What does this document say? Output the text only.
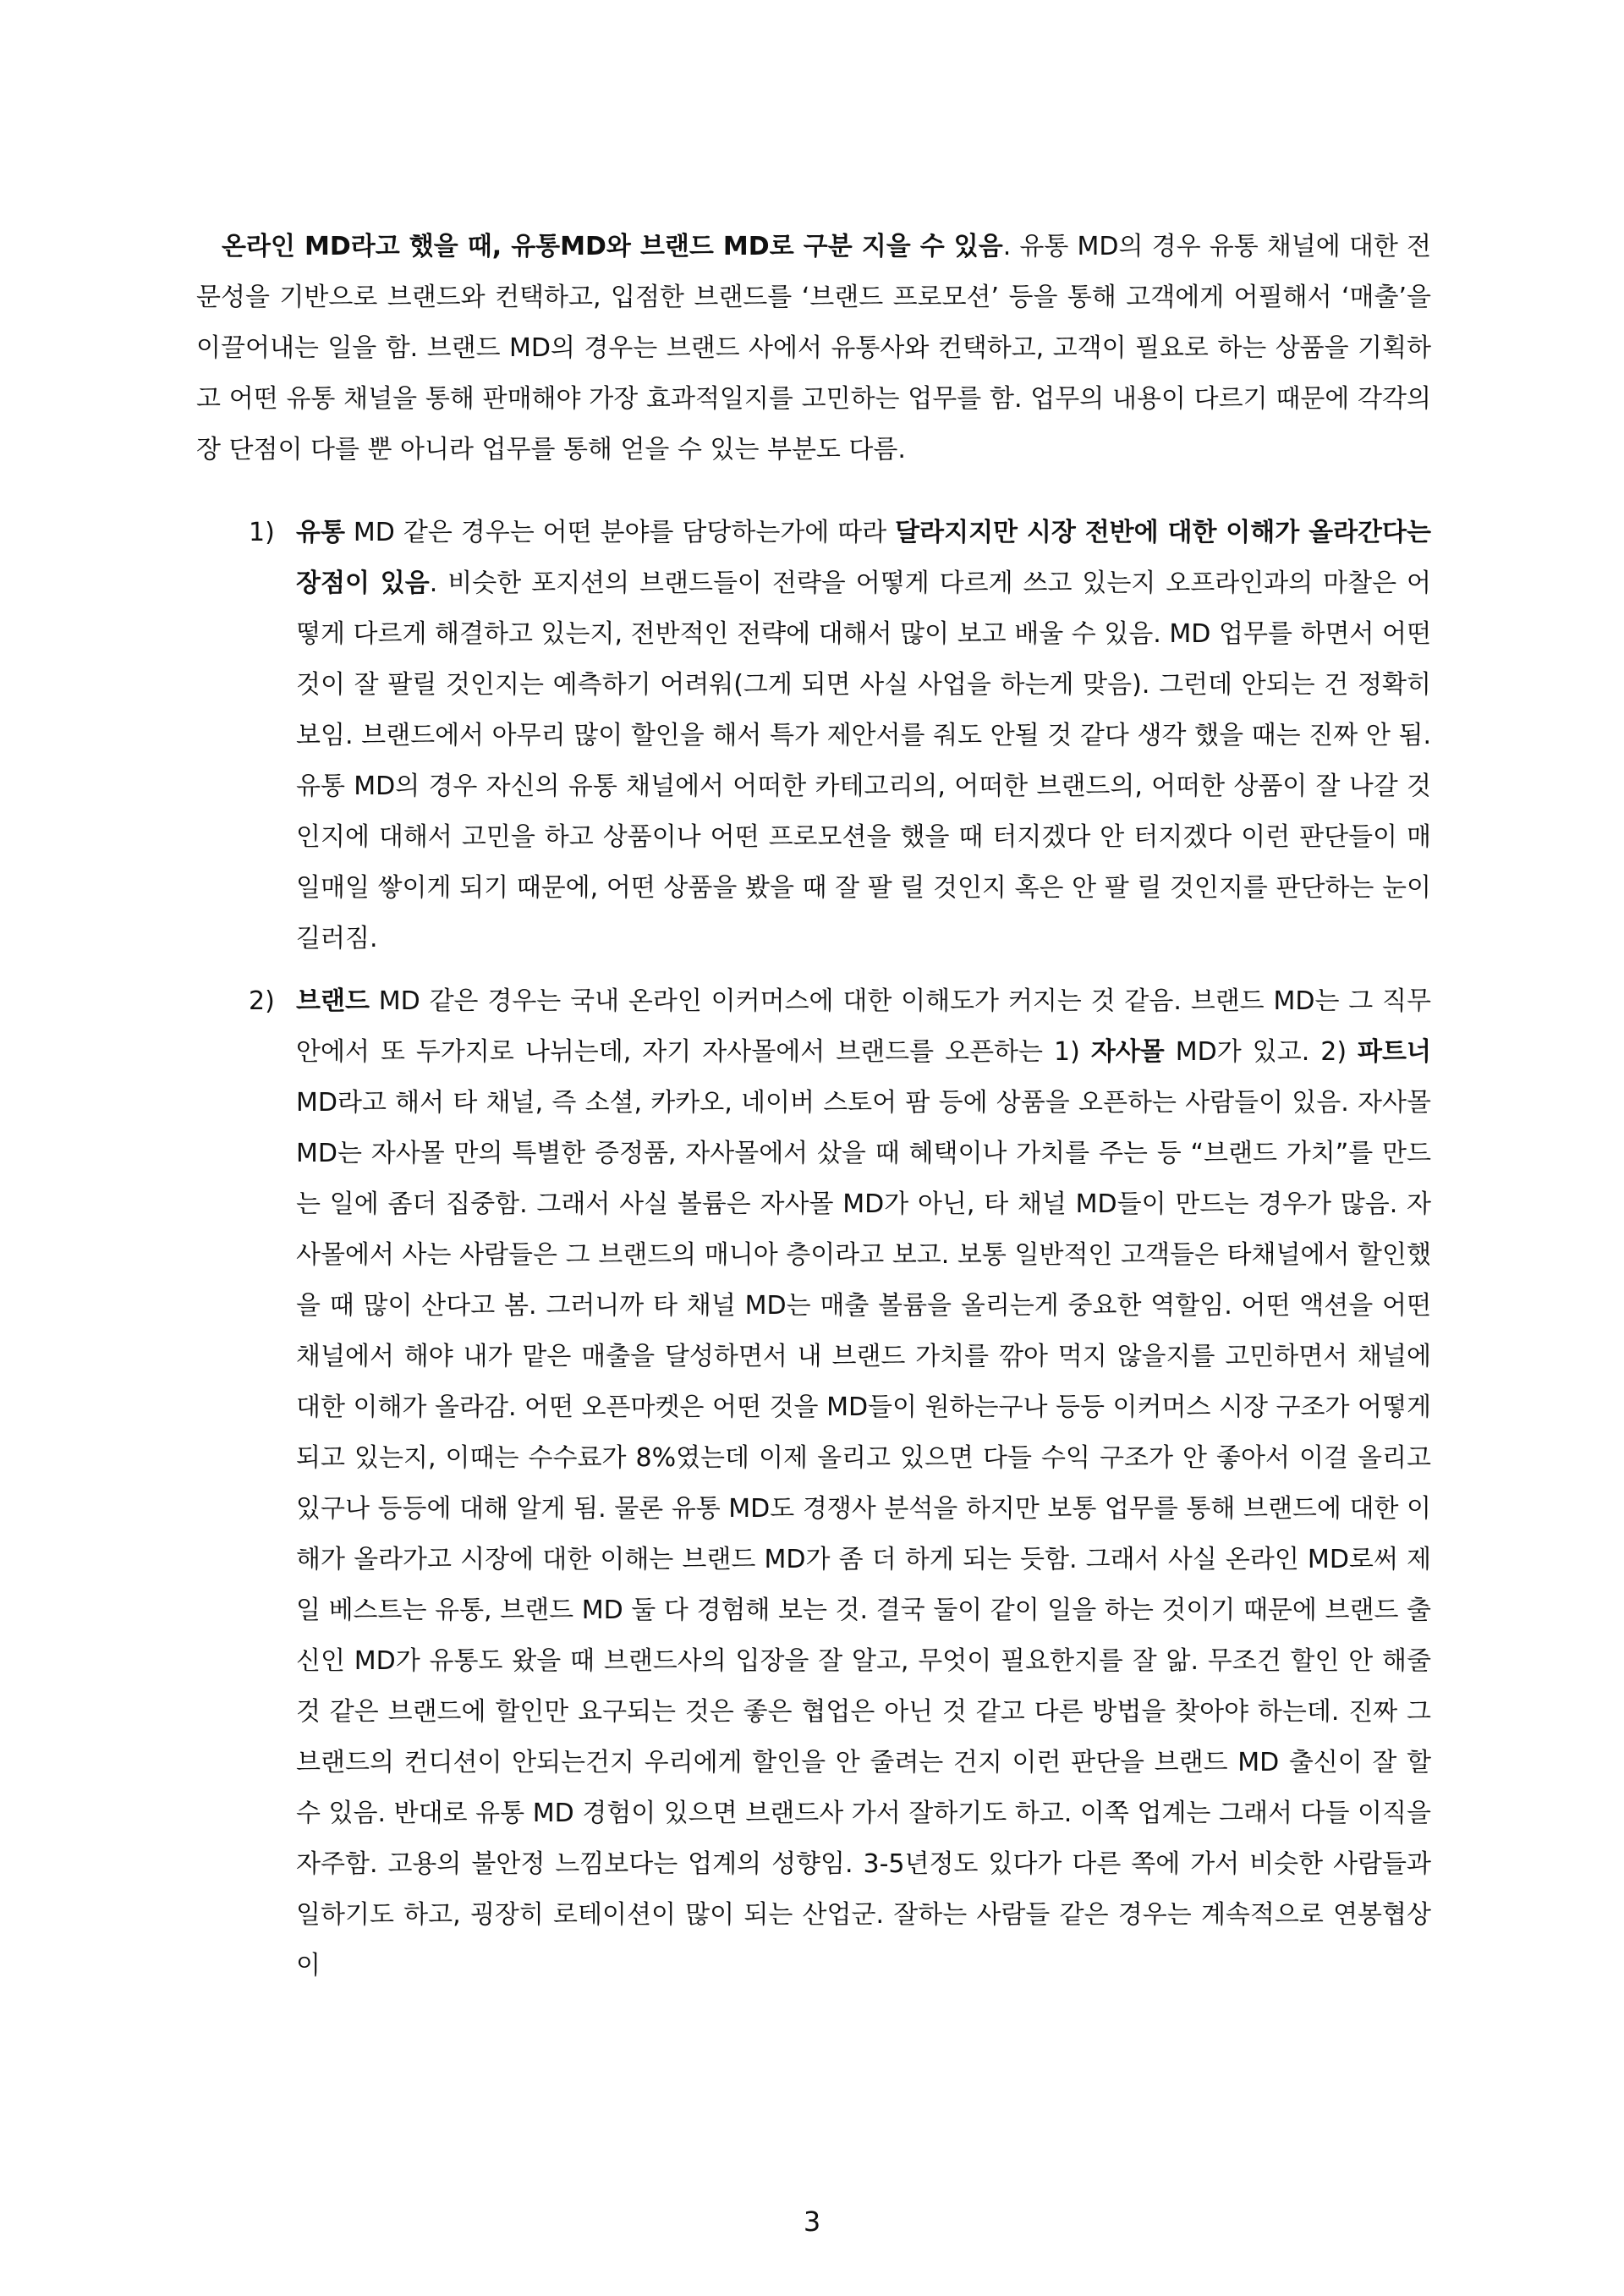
온라인 MD라고 했을 때, 유통MD와 브랜드 MD로 구분 지을 수 있음. 유통 MD의 경우 유통 채널에 대한 전문성을 기반으로 브랜드와 컨택하고, 입점한 브랜드를 ‘브랜드 프로모션’ 등을 통해 고객에게 어필해서 ‘매출’을 이끌어내는 일을 함. 브랜드 MD의 경우는 브랜드 사에서 유통사와 컨택하고, 고객이 필요로 하는 상품을 기획하고 어떤 유통 채널을 통해 판매해야 가장 효과적일지를 고민하는 업무를 함. 업무의 내용이 다르기 때문에 각각의 장 단점이 다를 뿐 아니라 업무를 통해 얻을 수 있는 부분도 다름.

1) 유통 MD 같은 경우는 어떤 분야를 담당하는가에 따라 달라지지만 시장 전반에 대한 이해가 올라간다는 장점이 있음. 비슷한 포지션의 브랜드들이 전략을 어떻게 다르게 쓰고 있는지 오프라인과의 마찰은 어떻게 다르게 해결하고 있는지, 전반적인 전략에 대해서 많이 보고 배울 수 있음. MD 업무를 하면서 어떤 것이 잘 팔릴 것인지는 예측하기 어려워(그게 되면 사실 사업을 하는게 맞음). 그런데 안되는 건 정확히 보임. 브랜드에서 아무리 많이 할인을 해서 특가 제안서를 줘도 안될 것 같다 생각 했을 때는 진짜 안 됨. 유통 MD의 경우 자신의 유통 채널에서 어떠한 카테고리의, 어떠한 브랜드의, 어떠한 상품이 잘 나갈 것인지에 대해서 고민을 하고 상품이나 어떤 프로모션을 했을 때 터지겠다 안 터지겠다 이런 판단들이 매일매일 쌓이게 되기 때문에, 어떤 상품을 봤을 때 잘 팔 릴 것인지 혹은 안 팔 릴 것인지를 판단하는 눈이 길러짐.
2) 브랜드 MD 같은 경우는 국내 온라인 이커머스에 대한 이해도가 커지는 것 같음. 브랜드 MD는 그 직무 안에서 또 두가지로 나뉘는데, 자기 자사몰에서 브랜드를 오픈하는 1) 자사몰 MD가 있고. 2) 파트너 MD라고 해서 타 채널, 즉 소셜, 카카오, 네이버 스토어 팜 등에 상품을 오픈하는 사람들이 있음. 자사몰 MD는 자사몰 만의 특별한 증정품, 자사몰에서 샀을 때 혜택이나 가치를 주는 등 “브랜드 가치”를 만드는 일에 좀더 집중함. 그래서 사실 볼륨은 자사몰 MD가 아닌, 타 채널 MD들이 만드는 경우가 많음. 자사몰에서 사는 사람들은 그 브랜드의 매니아 층이라고 보고. 보통 일반적인 고객들은 타채널에서 할인했을 때 많이 산다고 봄. 그러니까 타 채널 MD는 매출 볼륨을 올리는게 중요한 역할임. 어떤 액션을 어떤 채널에서 해야 내가 맡은 매출을 달성하면서 내 브랜드 가치를 깎아 먹지 않을지를 고민하면서 채널에 대한 이해가 올라감. 어떤 오픈마켓은 어떤 것을 MD들이 원하는구나 등등 이커머스 시장 구조가 어떻게 되고 있는지, 이때는 수수료가 8%였는데 이제 올리고 있으면 다들 수익 구조가 안 좋아서 이걸 올리고 있구나 등등에 대해 알게 됨. 물론 유통 MD도 경쟁사 분석을 하지만 보통 업무를 통해 브랜드에 대한 이해가 올라가고 시장에 대한 이해는 브랜드 MD가 좀 더 하게 되는 듯함. 그래서 사실 온라인 MD로써 제일 베스트는 유통, 브랜드 MD 둘 다 경험해 보는 것. 결국 둘이 같이 일을 하는 것이기 때문에 브랜드 출신인 MD가 유통도 왔을 때 브랜드사의 입장을 잘 알고, 무엇이 필요한지를 잘 앎. 무조건 할인 안 해줄 것 같은 브랜드에 할인만 요구되는 것은 좋은 협업은 아닌 것 같고 다른 방법을 찾아야 하는데. 진짜 그 브랜드의 컨디션이 안되는건지 우리에게 할인을 안 줄려는 건지 이런 판단을 브랜드 MD 출신이 잘 할 수 있음. 반대로 유통 MD 경험이 있으면 브랜드사 가서 잘하기도 하고. 이쪽 업계는 그래서 다들 이직을 자주함. 고용의 불안정 느낌보다는 업계의 성향임. 3-5년정도 있다가 다른 쪽에 가서 비슷한 사람들과 일하기도 하고, 굉장히 로테이션이 많이 되는 산업군. 잘하는 사람들 같은 경우는 계속적으로 연봉협상이
3
